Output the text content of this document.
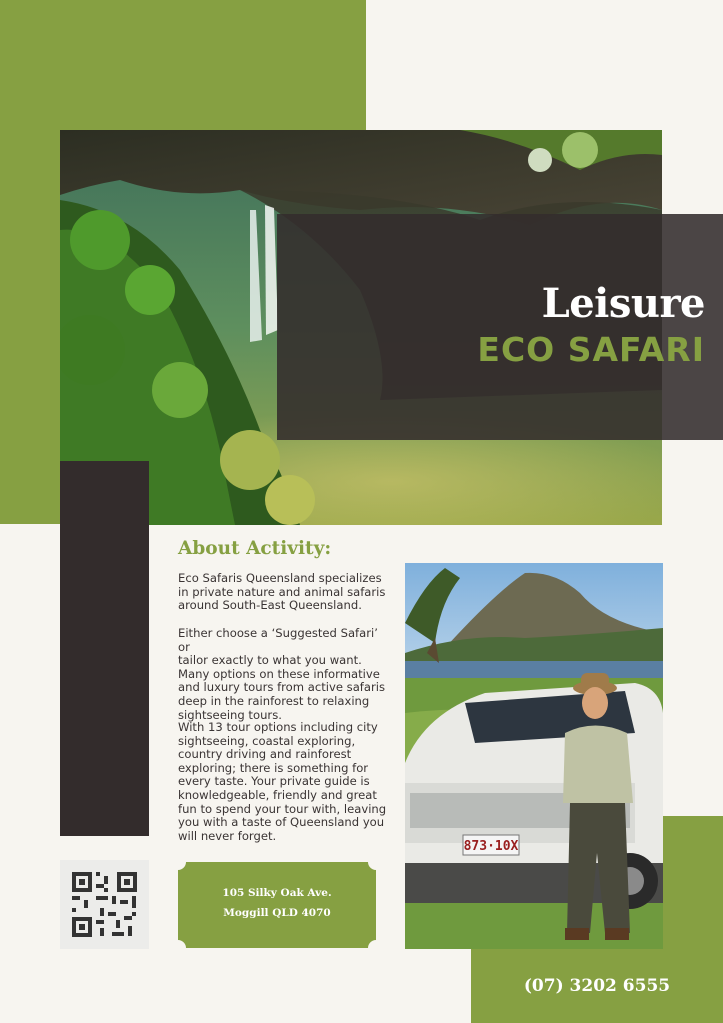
Leisure
ECO SAFARI
About Activity:
Eco Safaris Queensland specializes
in private nature and animal safaris
around South-East Queensland.
Either choose a ‘Suggested Safari’ or
tailor exactly to what you want.
Many options on these informative
and luxury tours from active safaris
deep in the rainforest to relaxing
sightseeing tours.
With 13 tour options including city
sightseeing, coastal exploring,
country driving and rainforest
exploring; there is something for
every taste. Your private guide is
knowledgeable, friendly and great
fun to spend your tour with, leaving
you with a taste of Queensland you
will never forget.
873·10X
105 Silky Oak Ave.
Moggill QLD 4070
(07) 3202 6555
